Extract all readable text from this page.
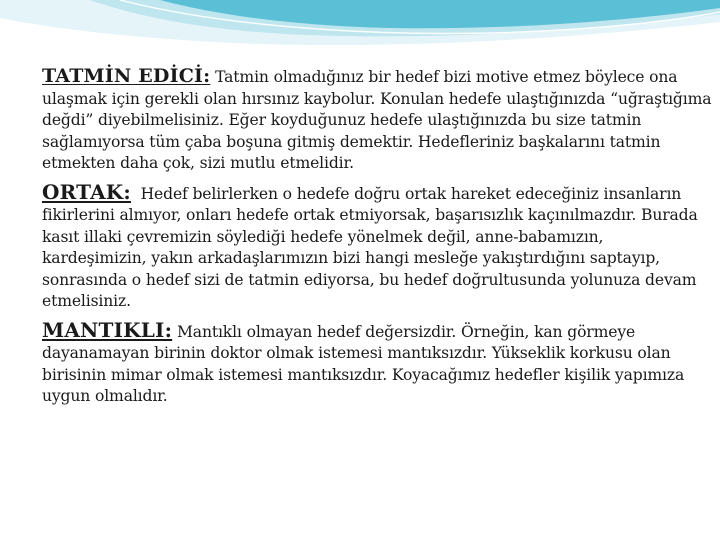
TATMİN EDİCİ: Tatmin olmadığınız bir hedef bizi motive etmez böylece ona ulaşmak için gerekli olan hırsınız kaybolur. Konulan hedefe ulaştığınızda “uğraştığıma değdi” diyebilmelisiniz. Eğer koyduğunuz hedefe ulaştığınızda bu size tatmin sağlamıyorsa tüm çaba boşuna gitmiş demektir. Hedefleriniz başkalarını tatmin etmekten daha çok, sizi mutlu etmelidir.

ORTAK: Hedef belirlerken o hedefe doğru ortak hareket edeceğiniz insanların fikirlerini almıyor, onları hedefe ortak etmiyorsak, başarısızlık kaçınılmazdır. Burada kasıt illaki çevremizin söylediği hedefe yönelmek değil, anne-babamızın, kardeşimizin, yakın arkadaşlarımızın bizi hangi mesleğe yakıştırdığını saptayıp, sonrasında o hedef sizi de tatmin ediyorsa, bu hedef doğrultusunda yolunuza devam etmelisiniz.

MANTIKLI: Mantıklı olmayan hedef değersizdir. Örneğin, kan görmeye dayanamayan birinin doktor olmak istemesi mantıksızdır. Yükseklik korkusu olan birisinin mimar olmak istemesi mantıksızdır. Koyacağımız hedefler kişilik yapımıza uygun olmalıdır.
